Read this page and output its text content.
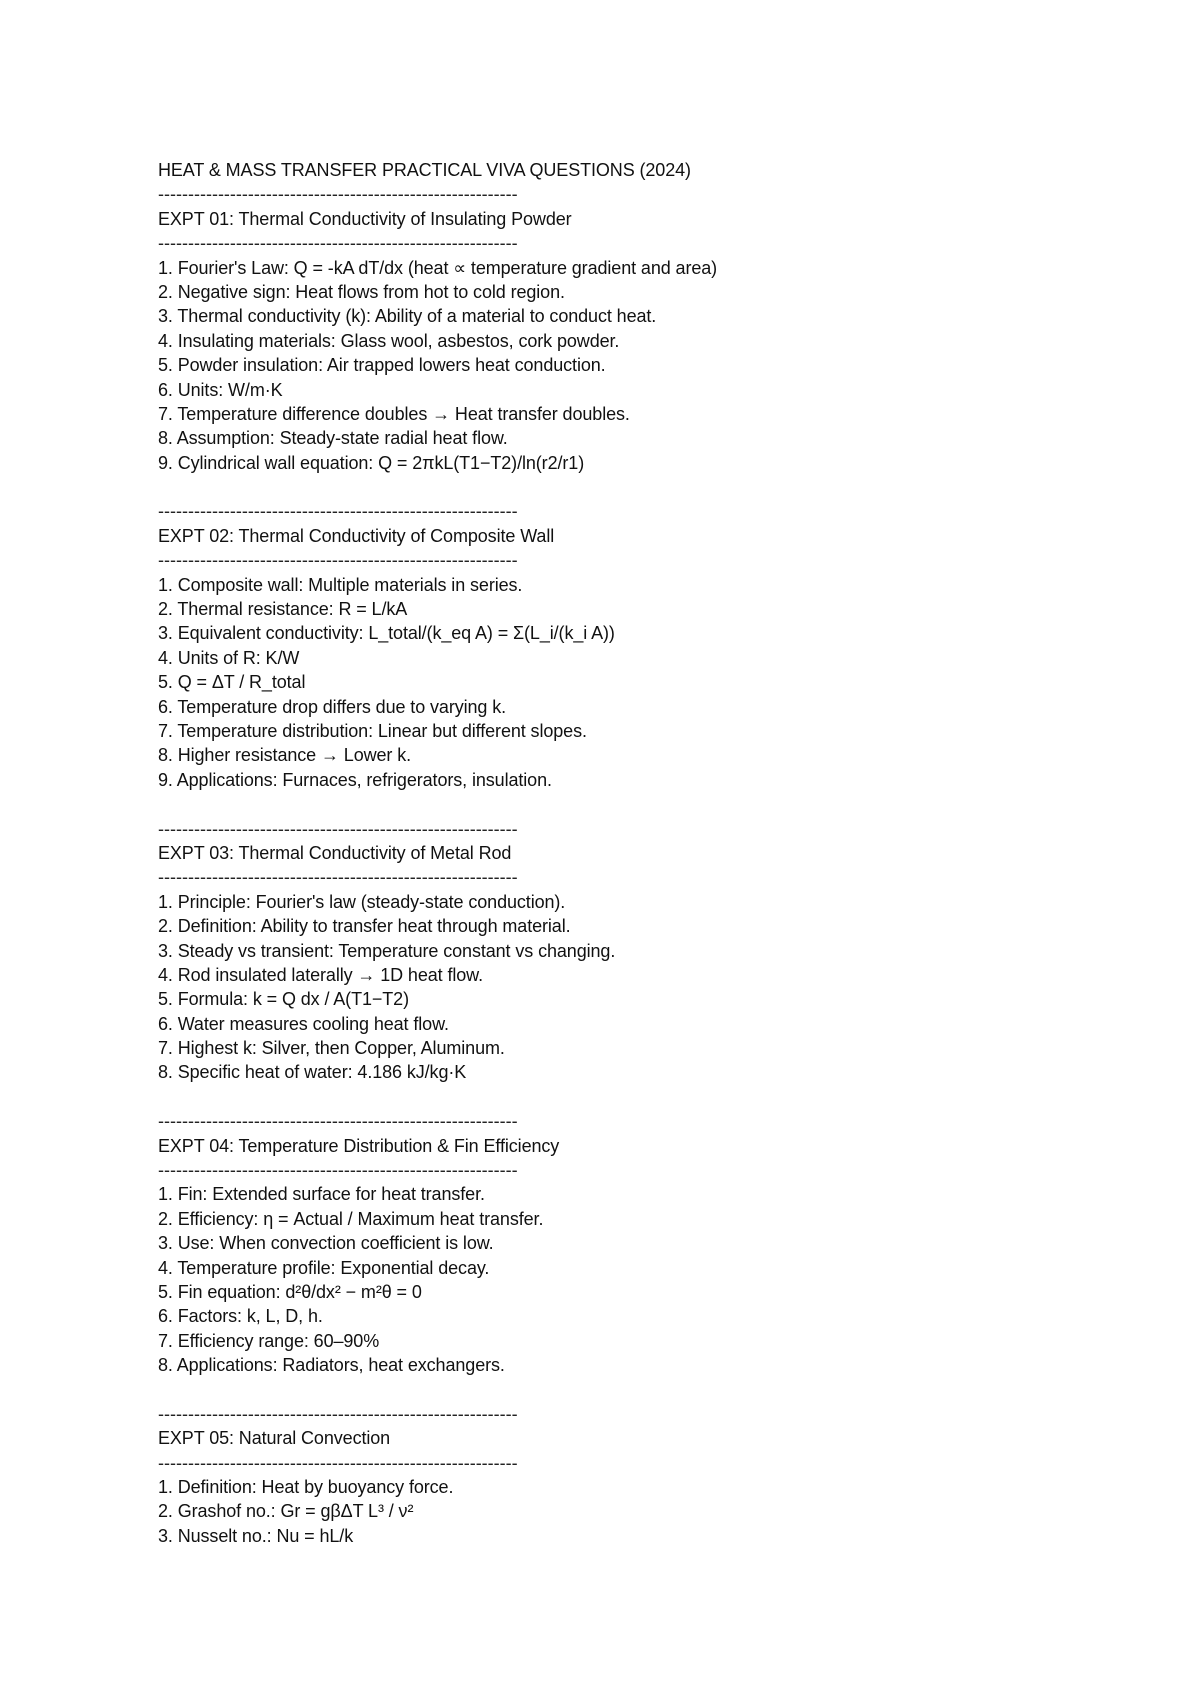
HEAT & MASS TRANSFER PRACTICAL VIVA QUESTIONS (2024)
------------------------------------------------------------
EXPT 01: Thermal Conductivity of Insulating Powder
------------------------------------------------------------
1. Fourier's Law: Q = -kA dT/dx (heat ∝ temperature gradient and area)
2. Negative sign: Heat flows from hot to cold region.
3. Thermal conductivity (k): Ability of a material to conduct heat.
4. Insulating materials: Glass wool, asbestos, cork powder.
5. Powder insulation: Air trapped lowers heat conduction.
6. Units: W/m·K
7. Temperature difference doubles → Heat transfer doubles.
8. Assumption: Steady-state radial heat flow.
9. Cylindrical wall equation: Q = 2πkL(T1−T2)/ln(r2/r1)
------------------------------------------------------------
EXPT 02: Thermal Conductivity of Composite Wall
------------------------------------------------------------
1. Composite wall: Multiple materials in series.
2. Thermal resistance: R = L/kA
3. Equivalent conductivity: L_total/(k_eq A) = Σ(L_i/(k_i A))
4. Units of R: K/W
5. Q = ΔT / R_total
6. Temperature drop differs due to varying k.
7. Temperature distribution: Linear but different slopes.
8. Higher resistance → Lower k.
9. Applications: Furnaces, refrigerators, insulation.
------------------------------------------------------------
EXPT 03: Thermal Conductivity of Metal Rod
------------------------------------------------------------
1. Principle: Fourier's law (steady-state conduction).
2. Definition: Ability to transfer heat through material.
3. Steady vs transient: Temperature constant vs changing.
4. Rod insulated laterally → 1D heat flow.
5. Formula: k = Q dx / A(T1−T2)
6. Water measures cooling heat flow.
7. Highest k: Silver, then Copper, Aluminum.
8. Specific heat of water: 4.186 kJ/kg·K
------------------------------------------------------------
EXPT 04: Temperature Distribution & Fin Efficiency
------------------------------------------------------------
1. Fin: Extended surface for heat transfer.
2. Efficiency: η = Actual / Maximum heat transfer.
3. Use: When convection coefficient is low.
4. Temperature profile: Exponential decay.
5. Fin equation: d²θ/dx² − m²θ = 0
6. Factors: k, L, D, h.
7. Efficiency range: 60–90%
8. Applications: Radiators, heat exchangers.
------------------------------------------------------------
EXPT 05: Natural Convection
------------------------------------------------------------
1. Definition: Heat by buoyancy force.
2. Grashof no.: Gr = gβΔT L³ / ν²
3. Nusselt no.: Nu = hL/k
